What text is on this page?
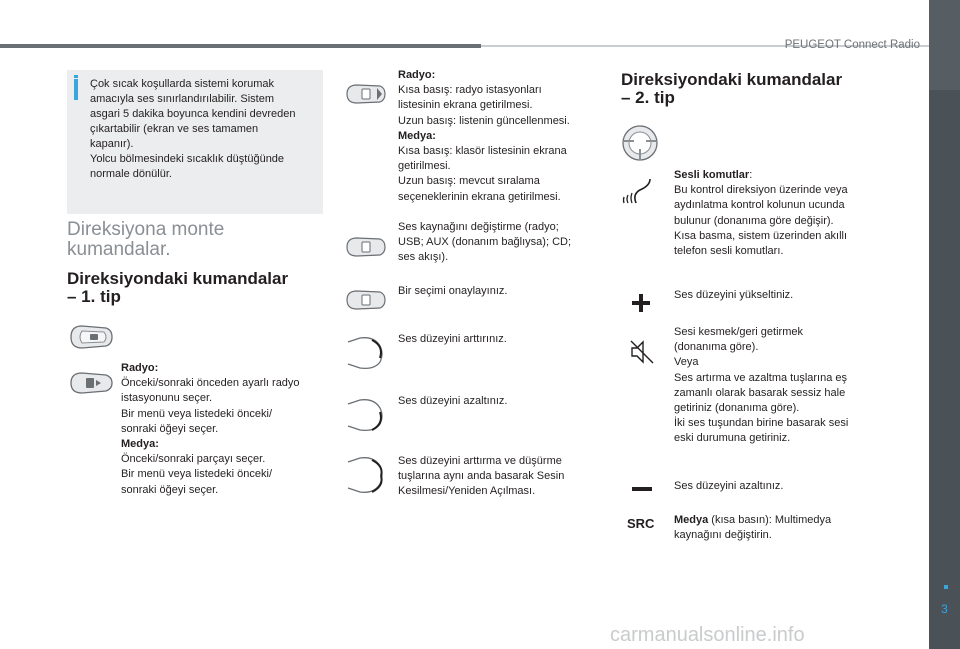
PEUGEOT Connect Radio
3
carmanualsonline.info
Çok sıcak koşullarda sistemi korumak
amacıyla ses sınırlandırılabilir. Sistem
asgari 5 dakika boyunca kendini devreden
çıkartabilir (ekran ve ses tamamen
kapanır).
Yolcu bölmesindeki sıcaklık düştüğünde
normale dönülür.
Direksiyona monte
kumandalar.
Direksiyondaki kumandalar
– 1. tip
Radyo:
Önceki/sonraki önceden ayarlı radyo
istasyonunu seçer.
Bir menü veya listedeki önceki/
sonraki öğeyi seçer.
Medya:
Önceki/sonraki parçayı seçer.
Bir menü veya listedeki önceki/
sonraki öğeyi seçer.
Radyo:
Kısa basış: radyo istasyonları
listesinin ekrana getirilmesi.
Uzun basış: listenin güncellenmesi.
Medya:
Kısa basış: klasör listesinin ekrana
getirilmesi.
Uzun basış: mevcut sıralama
seçeneklerinin ekrana getirilmesi.
Ses kaynağını değiştirme (radyo;
USB; AUX (donanım bağlıysa); CD;
ses akışı).
Bir seçimi onaylayınız.
Ses düzeyini arttırınız.
Ses düzeyini azaltınız.
Ses düzeyini arttırma ve düşürme
tuşlarına aynı anda basarak Sesin
Kesilmesi/Yeniden Açılması.
Direksiyondaki kumandalar
– 2. tip
Sesli komutlar:
Bu kontrol direksiyon üzerinde veya
aydınlatma kontrol kolunun ucunda
bulunur (donanıma göre değişir).
Kısa basma, sistem üzerinden akıllı
telefon sesli komutları.
Ses düzeyini yükseltiniz.
Sesi kesmek/geri getirmek
(donanıma göre).
Veya
Ses artırma ve azaltma tuşlarına eş
zamanlı olarak basarak sessiz hale
getiriniz (donanıma göre).
İki ses tuşundan birine basarak sesi
eski durumuna getiriniz.
Ses düzeyini azaltınız.
SRC Medya (kısa basın): Multimedya
kaynağını değiştirin.
